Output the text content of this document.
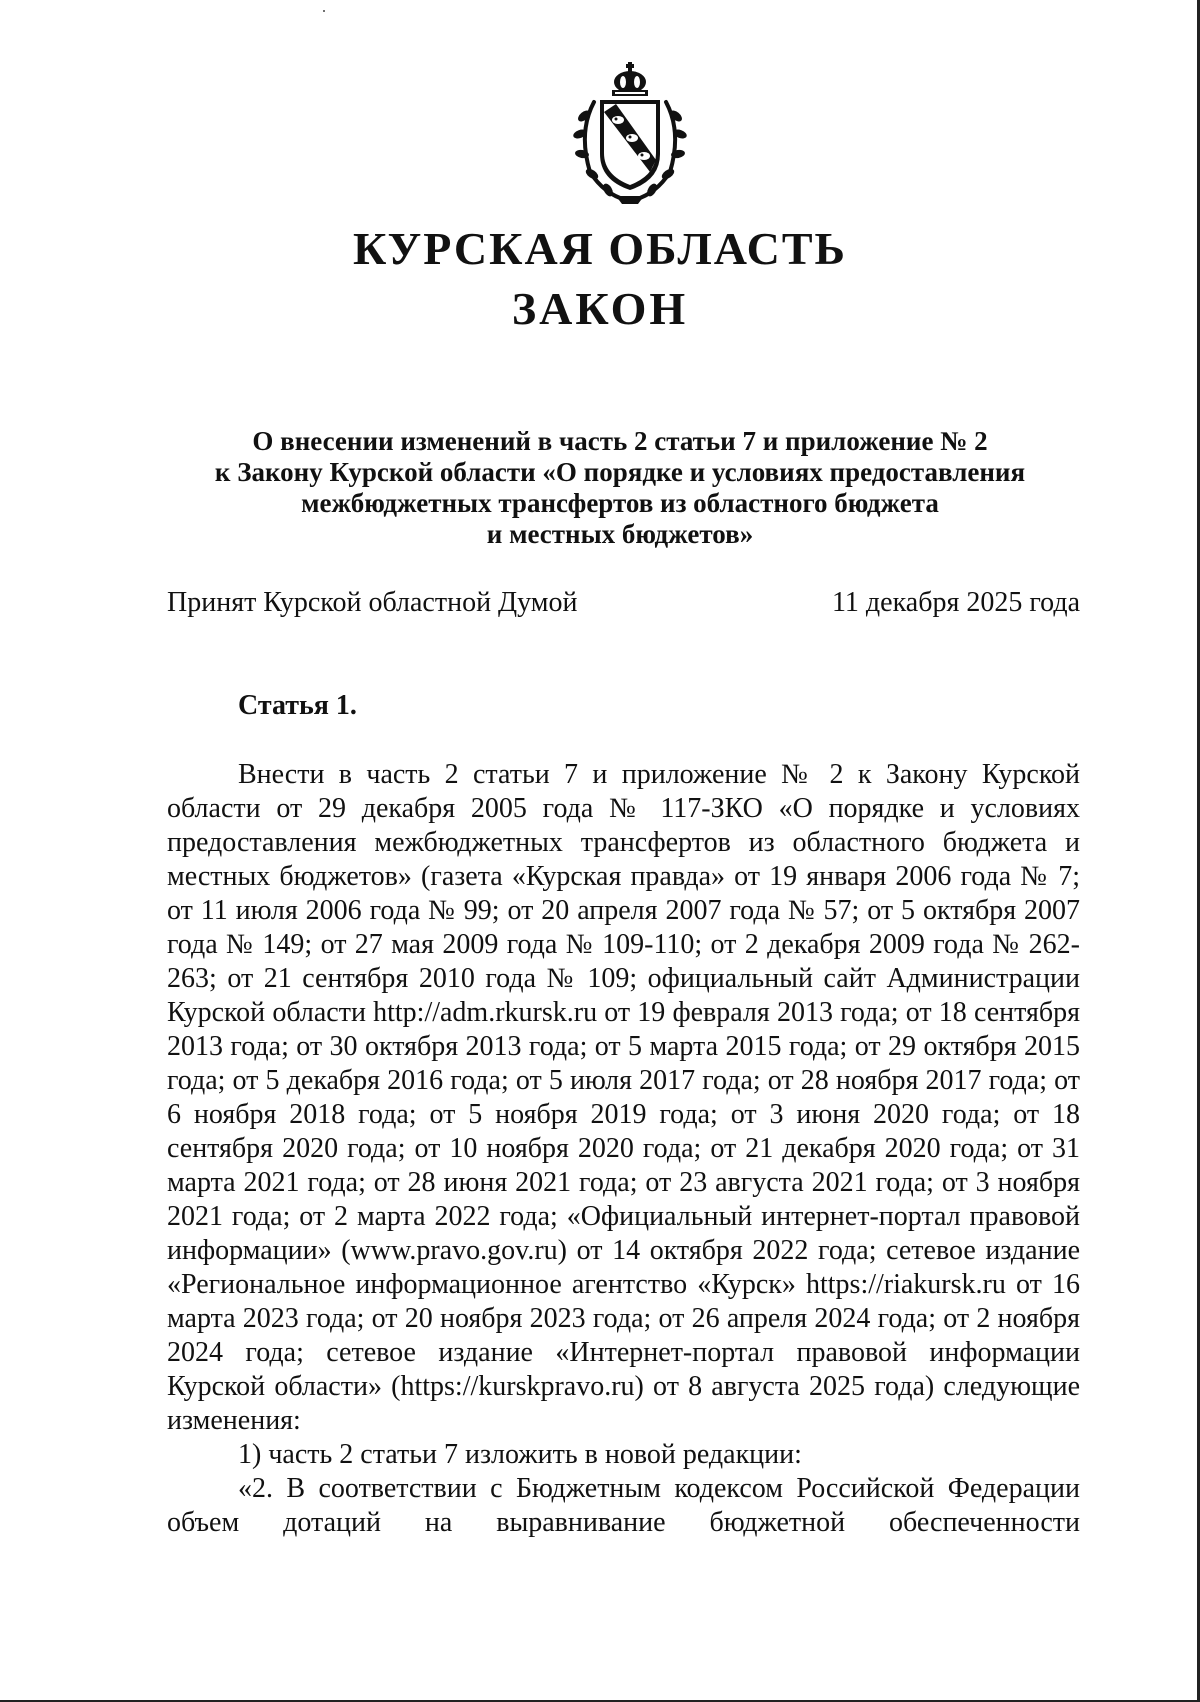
КУРСКАЯ ОБЛАСТЬ
ЗАКОН
О внесении изменений в часть 2 статьи 7 и приложение № 2
к Закону Курской области «О порядке и условиях предоставления
межбюджетных трансфертов из областного бюджета
и местных бюджетов»
Принят Курской областной Думой	11 декабря 2025 года
Статья 1.

Внести в часть 2 статьи 7 и приложение № 2 к Закону Курской области от 29 декабря 2005 года № 117-ЗКО «О порядке и условиях предоставления межбюджетных трансфертов из областного бюджета и местных бюджетов» (газета «Курская правда» от 19 января 2006 года № 7; от 11 июля 2006 года № 99; от 20 апреля 2007 года № 57; от 5 октября 2007 года № 149; от 27 мая 2009 года № 109-110; от 2 декабря 2009 года № 262-263; от 21 сентября 2010 года № 109; официальный сайт Администрации Курской области http://adm.rkursk.ru от 19 февраля 2013 года; от 18 сентября 2013 года; от 30 октября 2013 года; от 5 марта 2015 года; от 29 октября 2015 года; от 5 декабря 2016 года; от 5 июля 2017 года; от 28 ноября 2017 года; от 6 ноября 2018 года; от 5 ноября 2019 года; от 3 июня 2020 года; от 18 сентября 2020 года; от 10 ноября 2020 года; от 21 декабря 2020 года; от 31 марта 2021 года; от 28 июня 2021 года; от 23 августа 2021 года; от 3 ноября 2021 года; от 2 марта 2022 года; «Официальный интернет-портал правовой информации» (www.pravo.gov.ru) от 14 октября 2022 года; сетевое издание «Региональное информационное агентство «Курск» https://riakursk.ru от 16 марта 2023 года; от 20 ноября 2023 года; от 26 апреля 2024 года; от 2 ноября 2024 года; сетевое издание «Интернет-портал правовой информации Курской области» (https://kurskpravo.ru) от 8 августа 2025 года) следующие изменения:

1) часть 2 статьи 7 изложить в новой редакции:

«2. В соответствии с Бюджетным кодексом Российской Федерации объем дотаций на выравнивание бюджетной обеспеченности
